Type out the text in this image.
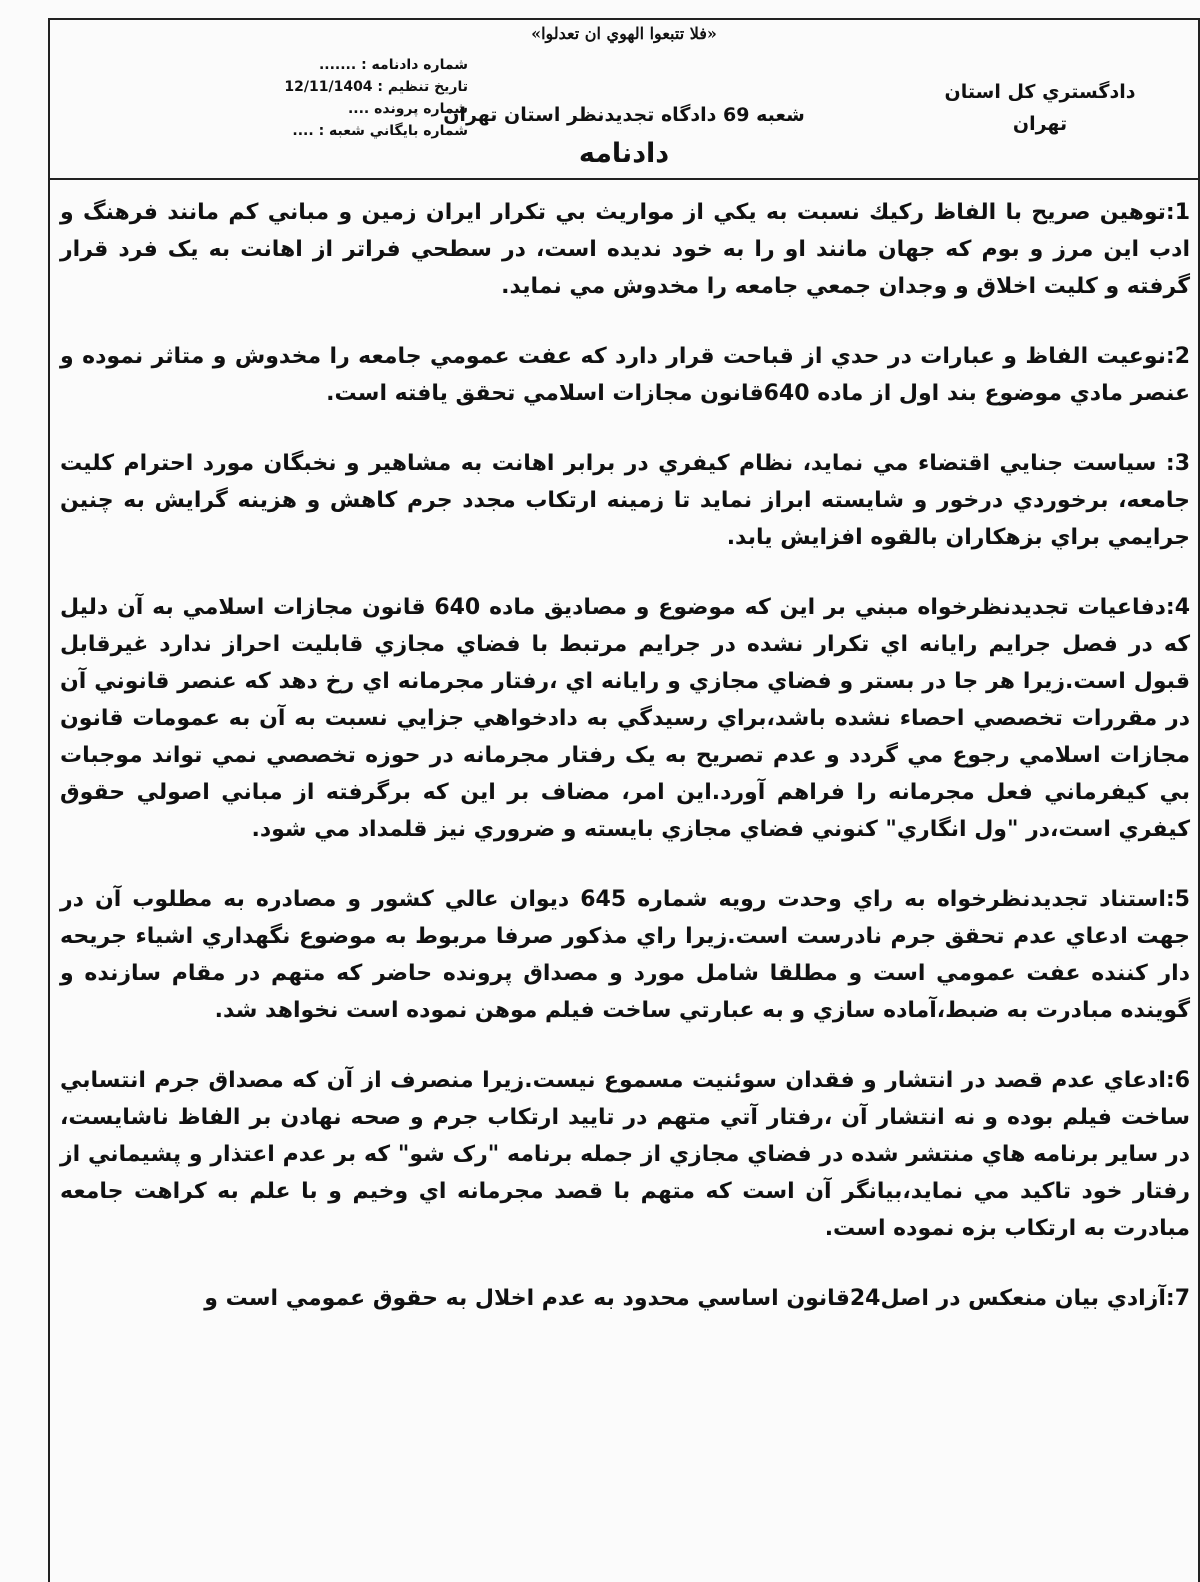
«فلا تتبعوا الهوي ان تعدلوا»
دادگستري كل استان
تهران
شعبه 69 دادگاه تجديدنظر استان تهران
دادنامه
شماره دادنامه : .......
تاريخ تنظيم : 12/11/1404
شماره پرونده ....
شماره بايگاني شعبه : ....

1:توهين صريح با الفاظ ركيك نسبت به يكي از مواريث بي تكرار ايران زمين و مباني كم مانند فرهنگ و ادب اين مرز و بوم كه جهان مانند او را به خود نديده است، در سطحي فراتر از اهانت به يک فرد قرار گرفته و كليت اخلاق و وجدان جمعي جامعه را مخدوش مي نمايد.

2:نوعيت الفاظ و عبارات در حدي از قباحت قرار دارد كه عفت عمومي جامعه را مخدوش و متاثر نموده و عنصر مادي موضوع بند اول از ماده 640قانون مجازات اسلامي تحقق يافته است.

3: سياست جنايي اقتضاء مي نمايد، نظام كيفري در برابر اهانت به مشاهير و نخبگان مورد احترام كليت جامعه، برخوردي درخور و شايسته ابراز نمايد تا زمينه ارتكاب مجدد جرم كاهش و هزينه گرايش به چنين جرايمي براي بزهكاران بالقوه افزايش يابد.

4:دفاعيات تجديدنظرخواه مبني بر اين كه موضوع و مصاديق ماده 640 قانون مجازات اسلامي به آن دليل كه در فصل جرايم رايانه اي تكرار نشده در جرايم مرتبط با فضاي مجازي قابليت احراز ندارد غيرقابل قبول است.زيرا هر جا در بستر و فضاي مجازي و رايانه اي ،رفتار مجرمانه اي رخ دهد كه عنصر قانوني آن در مقررات تخصصي احصاء نشده باشد،براي رسيدگي به دادخواهي جزايي نسبت به آن به عمومات قانون مجازات اسلامي رجوع مي گردد و عدم تصريح به يک رفتار مجرمانه در حوزه تخصصي نمي تواند موجبات بي كيفرماني فعل مجرمانه را فراهم آورد.اين امر، مضاف بر اين كه برگرفته از مباني اصولي حقوق كيفري است،در "ول انگاري" كنوني فضاي مجازي بايسته و ضروري نيز قلمداد مي شود.

5:استناد تجديدنظرخواه به راي وحدت رويه شماره 645 ديوان عالي كشور و مصادره به مطلوب آن در جهت ادعاي عدم تحقق جرم نادرست است.زيرا راي مذكور صرفا مربوط به موضوع نگهداري اشياء جريحه دار كننده عفت عمومي است و مطلقا شامل مورد و مصداق پرونده حاضر كه متهم در مقام سازنده و گوينده مبادرت به ضبط،آماده سازي و به عبارتي ساخت فيلم موهن نموده است نخواهد شد.

6:ادعاي عدم قصد در انتشار و فقدان سوئنيت مسموع نيست.زيرا منصرف از آن كه مصداق جرم انتسابي ساخت فيلم بوده و نه انتشار آن ،رفتار آتي متهم در تاييد ارتكاب جرم و صحه نهادن بر الفاظ ناشايست، در ساير برنامه هاي منتشر شده در فضاي مجازي از جمله برنامه "رک شو" كه بر عدم اعتذار و پشيماني از رفتار خود تاكيد مي نمايد،بيانگر آن است كه متهم با قصد مجرمانه اي وخيم و با علم به كراهت جامعه مبادرت به ارتكاب بزه نموده است.

7:آزادي بيان منعكس در اصل24قانون اساسي محدود به عدم اخلال به حقوق عمومي است و
